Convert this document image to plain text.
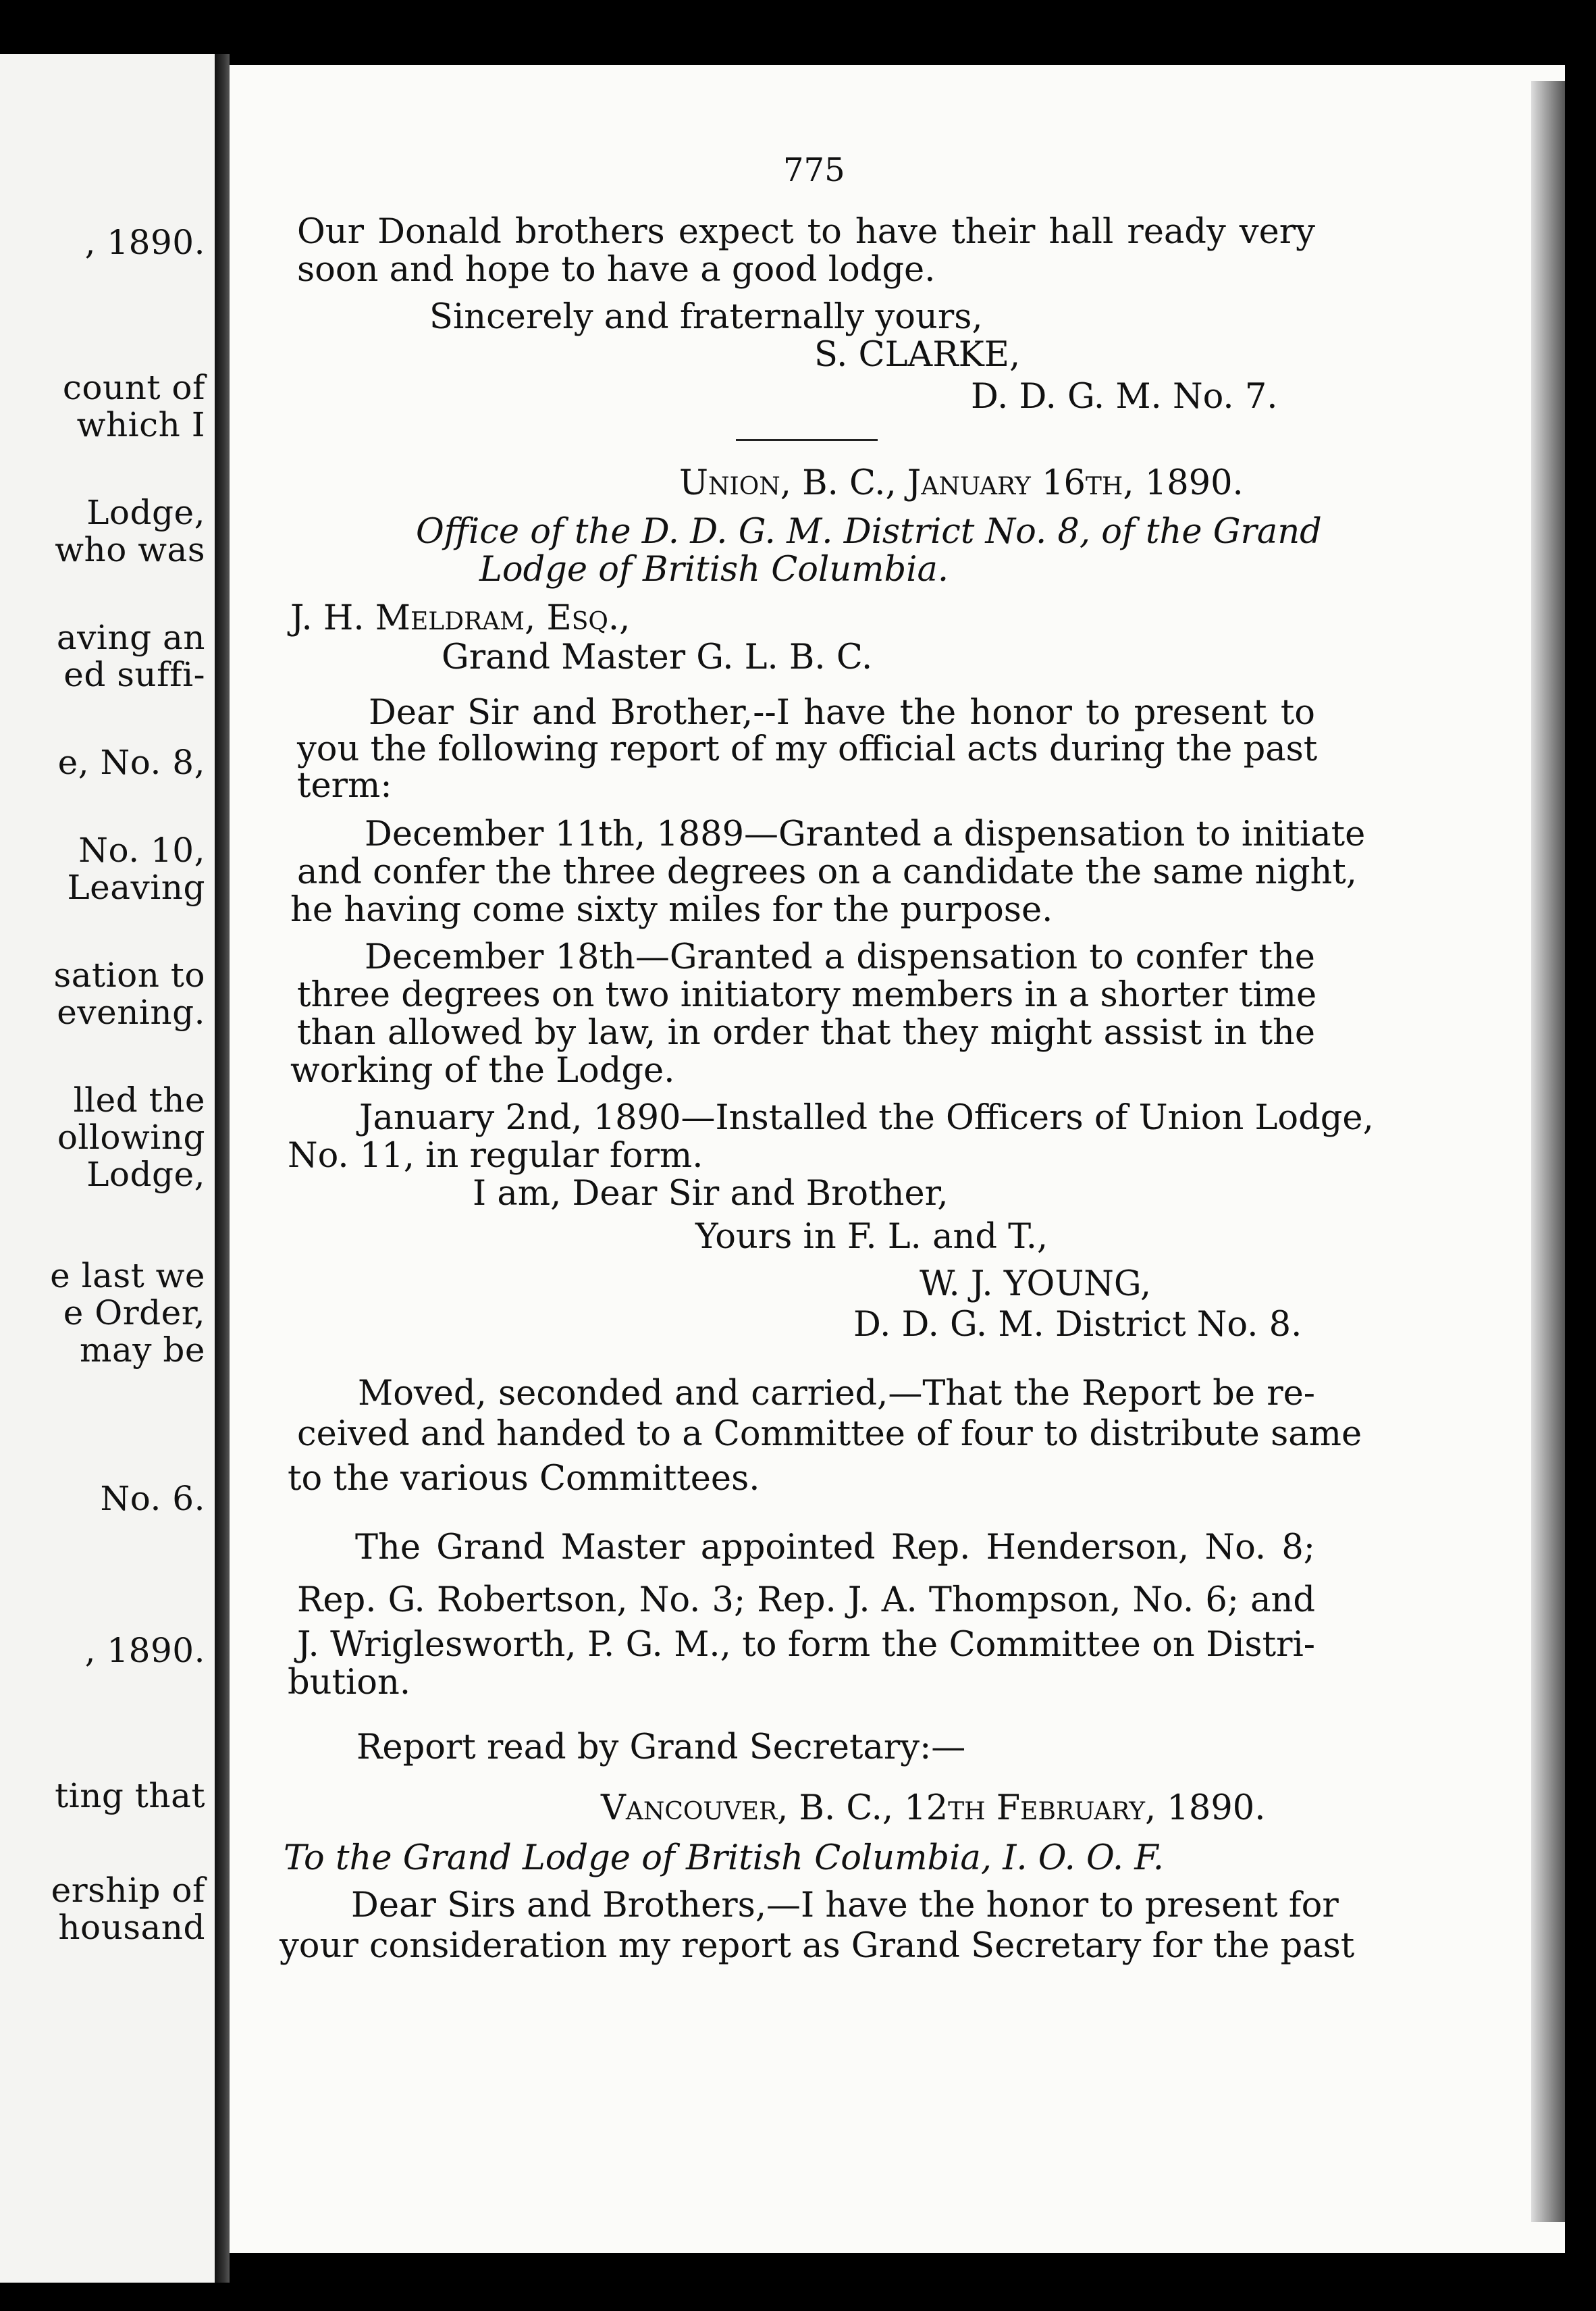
, 1890.
count of
which I
Lodge,
who was
aving an
ed suffi-
e, No. 8,
No. 10,
Leaving
sation to
evening.
lled the
ollowing
Lodge,
e last we
e Order,
may be
No. 6.
, 1890.
ting that
ership of
housand
775
Our Donald brothers expect to have their hall ready very
soon and hope to have a good lodge.
Sincerely and fraternally yours,
S. CLARKE,
D. D. G. M. No. 7.
Union, B. C., January 16th, 1890.
Office of the D. D. G. M. District No. 8, of the Grand
Lodge of British Columbia.
J. H. Meldram, Esq.,
Grand Master G. L. B. C.
Dear Sir and Brother,--I have the honor to present to
you the following report of my official acts during the past
term:
December 11th, 1889—Granted a dispensation to initiate
and confer the three degrees on a candidate the same night,
he having come sixty miles for the purpose.
December 18th—Granted a dispensation to confer the
three degrees on two initiatory members in a shorter time
than allowed by law, in order that they might assist in the
working of the Lodge.
January 2nd, 1890—Installed the Officers of Union Lodge,
No. 11, in regular form.
I am, Dear Sir and Brother,
Yours in F. L. and T.,
W. J. YOUNG,
D. D. G. M. District No. 8.
Moved, seconded and carried,—That the Report be re-
ceived and handed to a Committee of four to distribute same
to the various Committees.
The Grand Master appointed Rep. Henderson, No. 8;
Rep. G. Robertson, No. 3; Rep. J. A. Thompson, No. 6; and
J. Wriglesworth, P. G. M., to form the Committee on Distri-
bution.
Report read by Grand Secretary:—
Vancouver, B. C., 12th February, 1890.
To the Grand Lodge of British Columbia, I. O. O. F.
Dear Sirs and Brothers,—I have the honor to present for
your consideration my report as Grand Secretary for the past
